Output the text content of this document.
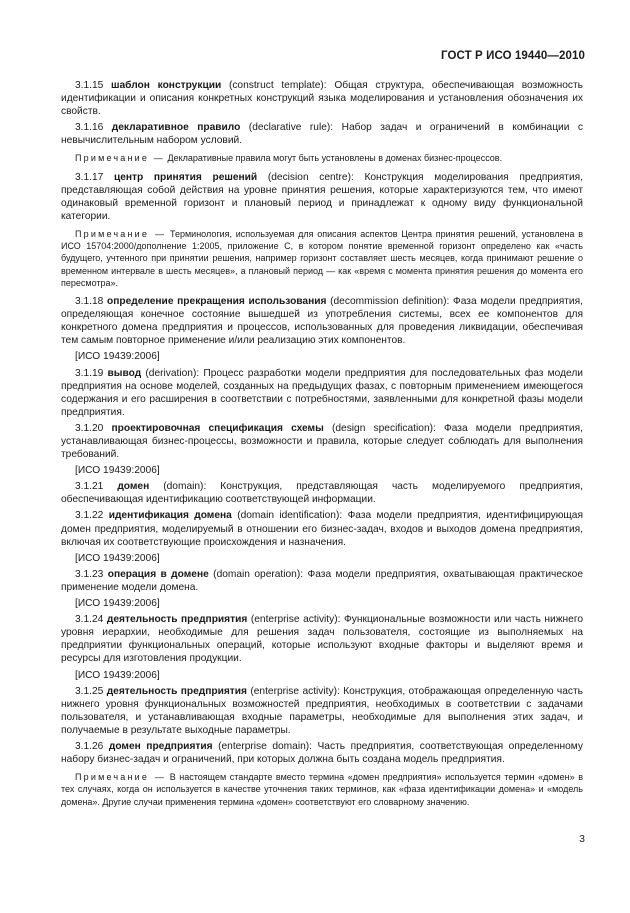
ГОСТ Р ИСО 19440—2010

3.1.15 шаблон конструкции (construct template): Общая структура, обеспечивающая возможность идентификации и описания конкретных конструкций языка моделирования и установления обозначения их свойств.

3.1.16 декларативное правило (declarative rule): Набор задач и ограничений в комбинации с невычислительным набором условий.

Примечание — Декларативные правила могут быть установлены в доменах бизнес-процессов.

3.1.17 центр принятия решений (decision centre): Конструкция моделирования предприятия, представляющая собой действия на уровне принятия решения, которые характеризуются тем, что имеют одинаковый временной горизонт и плановый период и принадлежат к одному виду функциональной категории.

Примечание — Терминология, используемая для описания аспектов Центра принятия решений, установлена в ИСО 15704:2000/дополнение 1:2005, приложение С, в котором понятие временной горизонт определено как «часть будущего, учтенного при принятии решения, например горизонт составляет шесть месяцев, когда принимают решение о временном интервале в шесть месяцев», а плановый период — как «время с момента принятия решения до момента его пересмотра».

3.1.18 определение прекращения использования (decommission definition): Фаза модели предприятия, определяющая конечное состояние вышедшей из употребления системы, всех ее компонентов для конкретного домена предприятия и процессов, использованных для проведения ликвидации, обеспечивая тем самым повторное применение и/или реализацию этих компонентов.

[ИСО 19439:2006]

3.1.19 вывод (derivation): Процесс разработки модели предприятия для последовательных фаз модели предприятия на основе моделей, созданных на предыдущих фазах, с повторным применением имеющегося содержания и его расширения в соответствии с потребностями, заявленными для конкретной фазы модели предприятия.

3.1.20 проектировочная спецификация схемы (design specification): Фаза модели предприятия, устанавливающая бизнес-процессы, возможности и правила, которые следует соблюдать для выполнения требований.

[ИСО 19439:2006]

3.1.21 домен (domain): Конструкция, представляющая часть моделируемого предприятия, обеспечивающая идентификацию соответствующей информации.

3.1.22 идентификация домена (domain identification): Фаза модели предприятия, идентифицирующая домен предприятия, моделируемый в отношении его бизнес-задач, входов и выходов домена предприятия, включая их соответствующие происхождения и назначения.

[ИСО 19439:2006]

3.1.23 операция в домене (domain operation): Фаза модели предприятия, охватывающая практическое применение модели домена.

[ИСО 19439:2006]

3.1.24 деятельность предприятия (enterprise activity): Функциональные возможности или часть нижнего уровня иерархии, необходимые для решения задач пользователя, состоящие из выполняемых на предприятии функциональных операций, которые используют входные факторы и выделяют время и ресурсы для изготовления продукции.

[ИСО 19439:2006]

3.1.25 деятельность предприятия (enterprise activity): Конструкция, отображающая определенную часть нижнего уровня функциональных возможностей предприятия, необходимых в соответствии с задачами пользователя, и устанавливающая входные параметры, необходимые для выполнения этих задач, и получаемые в результате выходные параметры.

3.1.26 домен предприятия (enterprise domain): Часть предприятия, соответствующая определенному набору бизнес-задач и ограничений, при которых должна быть создана модель предприятия.

Примечание — В настоящем стандарте вместо термина «домен предприятия» используется термин «домен» в тех случаях, когда он используется в качестве уточнения таких терминов, как «фаза идентификации домена» и «модель домена». Другие случаи применения термина «домен» соответствуют его словарному значению.

3
